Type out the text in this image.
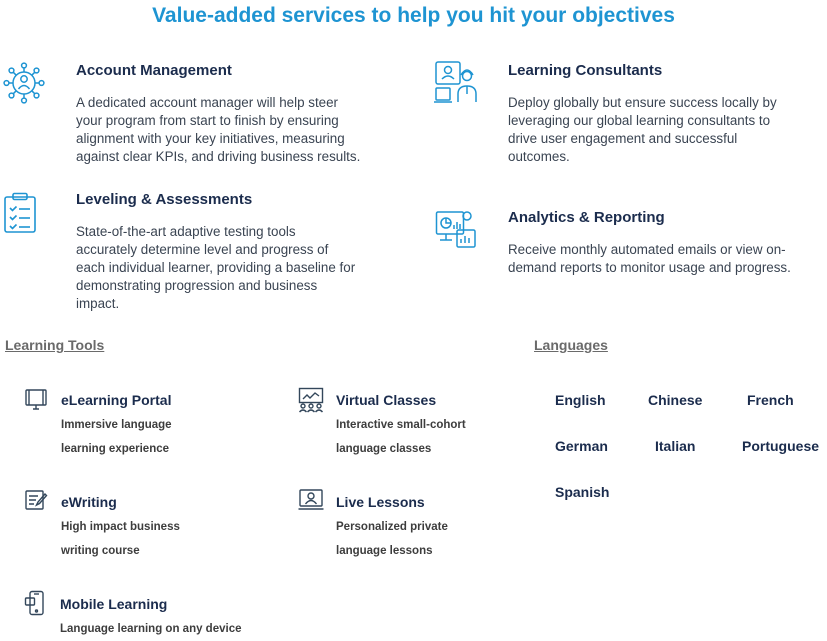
Value-added services to help you hit your objectives
Account Management
A dedicated account manager will help steer
your program from start to finish by ensuring
alignment with your key initiatives, measuring
against clear KPIs, and driving business results.
Learning Consultants
Deploy globally but ensure success locally by
leveraging our global learning consultants to
drive user engagement and successful
outcomes.
Leveling & Assessments
State-of-the-art adaptive testing tools
accurately determine level and progress of
each individual learner, providing a baseline for
demonstrating progression and business
impact.
Analytics & Reporting
Receive monthly automated emails or view on-
demand reports to monitor usage and progress.
Learning Tools	Languages
eLearning Portal
Immersive language
learning experience
Virtual Classes
Interactive small-cohort
language classes
eWriting
High impact business
writing course
Live Lessons
Personalized private
language lessons
Mobile Learning
Language learning on any device
English	Chinese	French
German	Italian	Portuguese
Spanish
